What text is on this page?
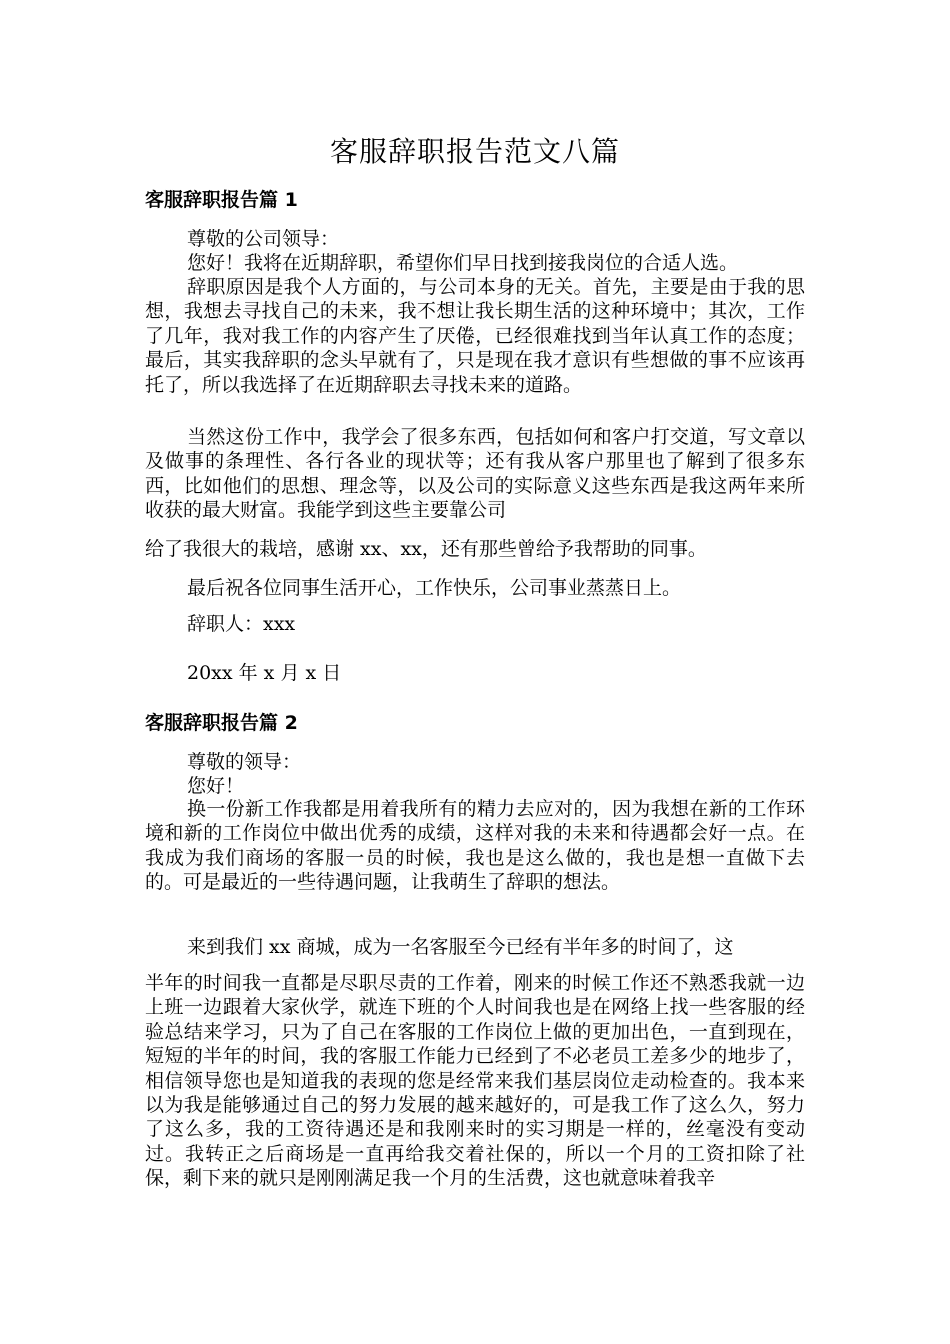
客服辞职报告范文八篇
客服辞职报告篇 1

尊敬的公司领导：

您好！我将在近期辞职，希望你们早日找到接我岗位的合适人选。

辞职原因是我个人方面的，与公司本身的无关。首先，主要是由于我的思想，我想去寻找自己的未来，我不想让我长期生活的这种环境中；其次，工作了几年，我对我工作的内容产生了厌倦，已经很难找到当年认真工作的态度；最后，其实我辞职的念头早就有了，只是现在我才意识有些想做的事不应该再托了，所以我选择了在近期辞职去寻找未来的道路。

当然这份工作中，我学会了很多东西，包括如何和客户打交道，写文章以及做事的条理性、各行各业的现状等；还有我从客户那里也了解到了很多东西，比如他们的思想、理念等，以及公司的实际意义这些东西是我这两年来所收获的最大财富。我能学到这些主要靠公司

给了我很大的栽培，感谢 xx、xx，还有那些曾给予我帮助的同事。

最后祝各位同事生活开心，工作快乐，公司事业蒸蒸日上。

辞职人：xxx

20xx 年 x 月 x 日

客服辞职报告篇 2

尊敬的领导：

您好！

换一份新工作我都是用着我所有的精力去应对的，因为我想在新的工作环境和新的工作岗位中做出优秀的成绩，这样对我的未来和待遇都会好一点。在我成为我们商场的客服一员的时候，我也是这么做的，我也是想一直做下去的。可是最近的一些待遇问题，让我萌生了辞职的想法。

来到我们 xx 商城，成为一名客服至今已经有半年多的时间了，这

半年的时间我一直都是尽职尽责的工作着，刚来的时候工作还不熟悉我就一边上班一边跟着大家伙学，就连下班的个人时间我也是在网络上找一些客服的经验总结来学习，只为了自己在客服的工作岗位上做的更加出色，一直到现在，短短的半年的时间，我的客服工作能力已经到了不必老员工差多少的地步了，相信领导您也是知道我的表现的您是经常来我们基层岗位走动检查的。我本来以为我是能够通过自己的努力发展的越来越好的，可是我工作了这么久，努力了这么多，我的工资待遇还是和我刚来时的实习期是一样的，丝毫没有变动过。我转正之后商场是一直再给我交着社保的，所以一个月的工资扣除了社保，剩下来的就只是刚刚满足我一个月的生活费，这也就意味着我辛
